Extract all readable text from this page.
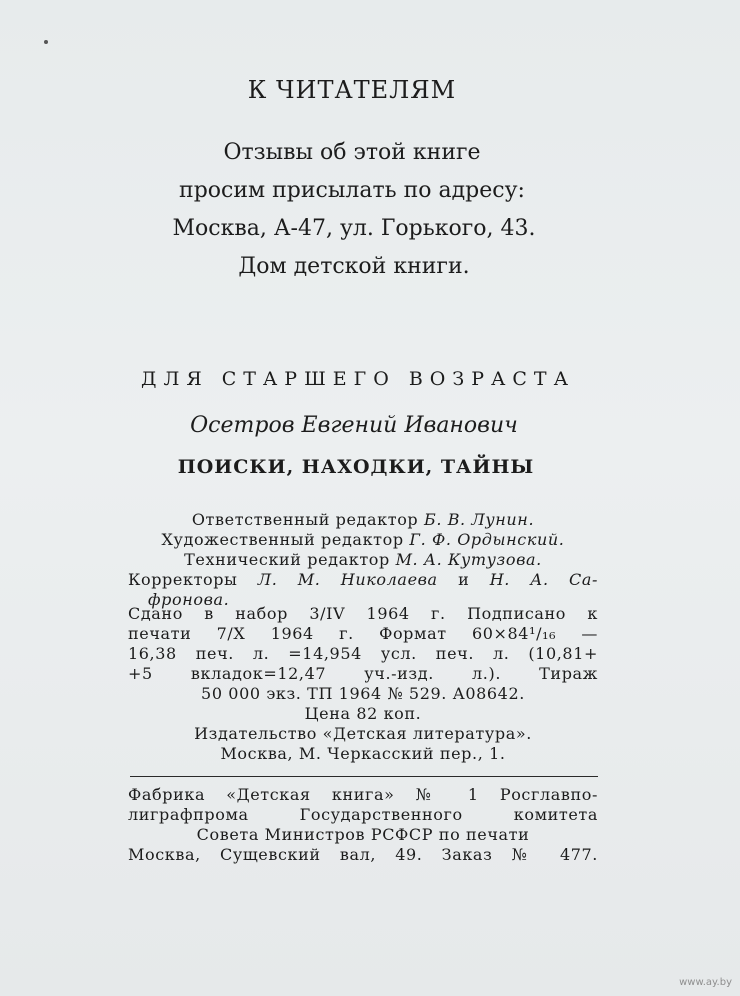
К ЧИТАТЕЛЯМ
Отзывы об этой книге
просим присылать по адресу:
Москва, А-47, ул. Горького, 43.
Дом детской книги.
ДЛЯ СТАРШЕГО ВОЗРАСТА
Осетров Евгений Иванович
ПОИСКИ, НАХОДКИ, ТАЙНЫ
Ответственный редактор Б. В. Лунин.
Художественный редактор Г. Ф. Ордынский.
Технический редактор М. А. Кутузова.
Корректоры Л. М. Николаева и Н. А. Са-
фронова.
Сдано в набор 3/IV 1964 г. Подписано к
печати 7/X 1964 г. Формат 60×84¹/₁₆ —
16,38 печ. л. =14,954 усл. печ. л. (10,81+
+5 вкладок=12,47 уч.-изд. л.). Тираж
50 000 экз. ТП 1964 № 529. А08642.
Цена 82 коп.
Издательство «Детская литература».
Москва, М. Черкасский пер., 1.
Фабрика «Детская книга» № 1 Росглавпо-
лиграфпрома Государственного комитета
Совета Министров РСФСР по печати
Москва, Сущевский вал, 49. Заказ № 477.
www.ay.by
